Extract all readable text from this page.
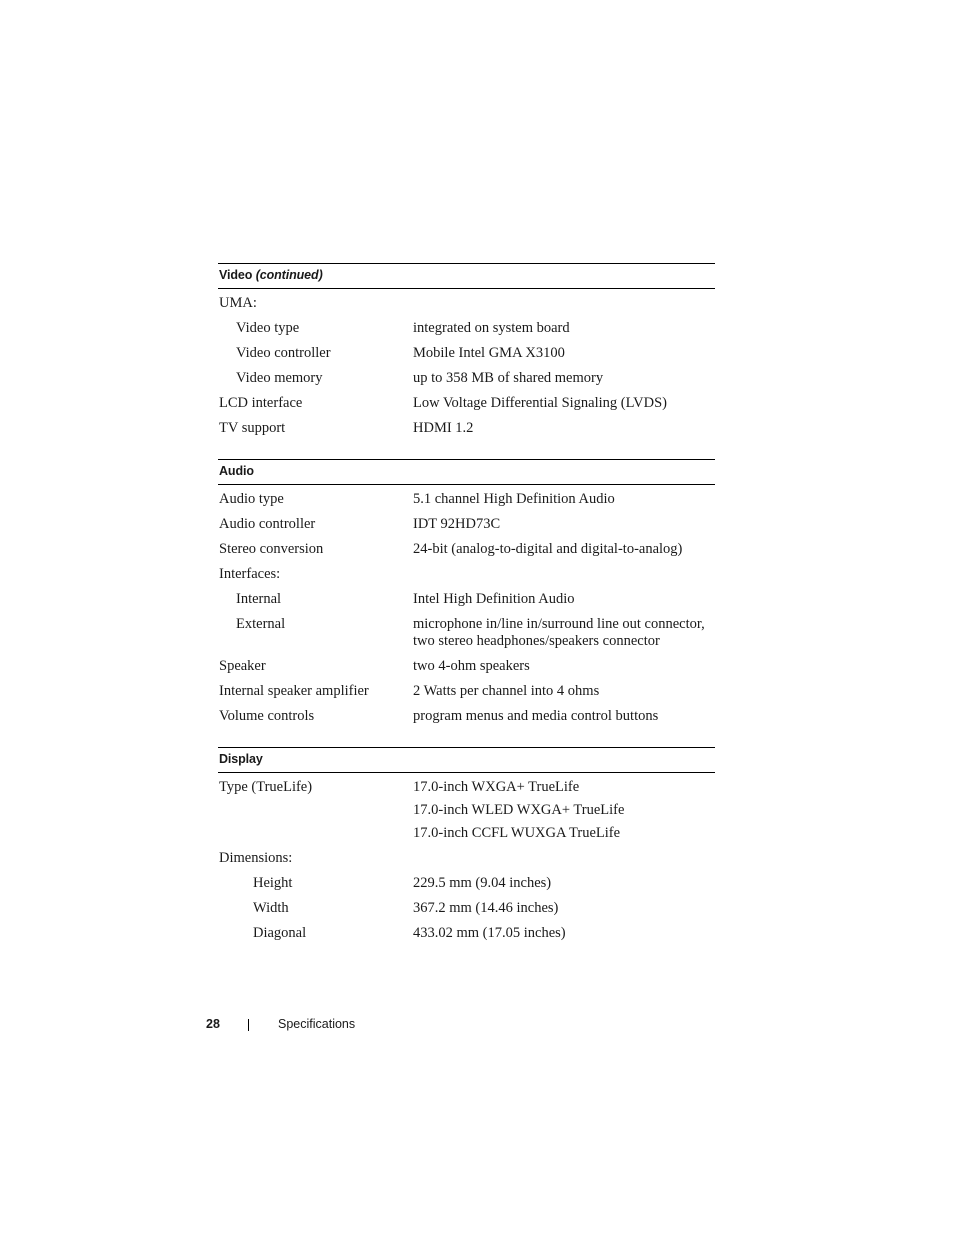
Video (continued)
UMA:
Video type	integrated on system board
Video controller	Mobile Intel GMA X3100
Video memory	up to 358 MB of shared memory
LCD interface	Low Voltage Differential Signaling (LVDS)
TV support	HDMI 1.2
Audio
Audio type	5.1 channel High Definition Audio
Audio controller	IDT 92HD73C
Stereo conversion	24-bit (analog-to-digital and digital-to-analog)
Interfaces:
Internal	Intel High Definition Audio
External	microphone in/line in/surround line out connector,
two stereo headphones/speakers connector
Speaker	two 4-ohm speakers
Internal speaker amplifier	2 Watts per channel into 4 ohms
Volume controls	program menus and media control buttons
Display
Type (TrueLife)	17.0-inch WXGA+ TrueLife
17.0-inch WLED WXGA+ TrueLife
17.0-inch CCFL WUXGA TrueLife
Dimensions:
Height	229.5 mm (9.04 inches)
Width	367.2 mm (14.46 inches)
Diagonal	433.02 mm (17.05 inches)
28	Specifications
